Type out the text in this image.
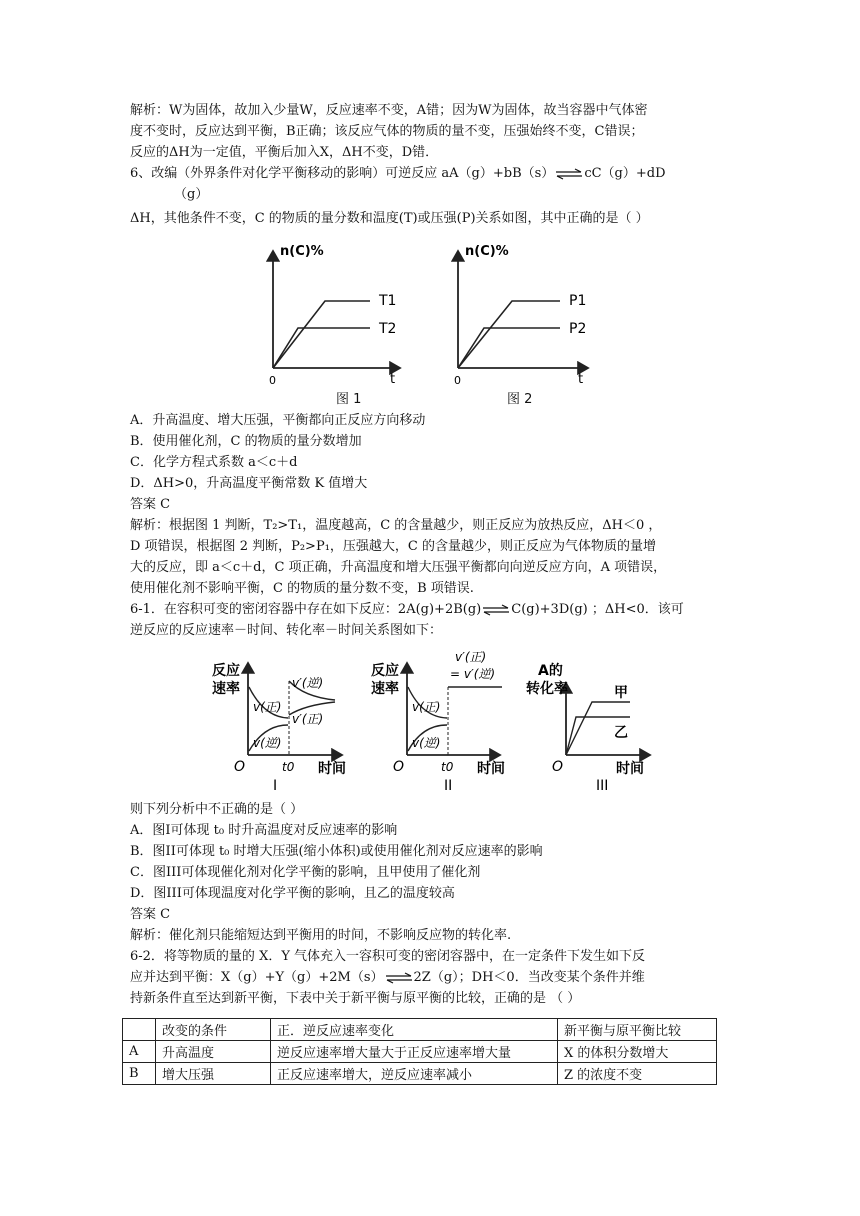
解析：W为固体，故加入少量W，反应速率不变，A错；因为W为固体，故当容器中气体密

度不变时，反应达到平衡，B正确；该反应气体的物质的量不变，压强始终不变，C错误；

反应的ΔH为一定值，平衡后加入X，ΔH不变，D错．

6、改编（外界条件对化学平衡移动的影响）可逆反应 aA（g）+bB（s）⇌cC（g）+dD

（g）

ΔH，其他条件不变，C 的物质的量分数和温度(T)或压强(P)关系如图，其中正确的是（ ）

n(C)%
0	t
T1
T2
n(C)%
0	t
P1
P2

图 1	图 2

A．升高温度、增大压强，平衡都向正反应方向移动

B．使用催化剂，C 的物质的量分数增加

C．化学方程式系数 a＜c＋d

D．ΔH>0，升高温度平衡常数 K 值增大

答案 C

解析：根据图 1 判断，T₂>T₁，温度越高，C 的含量越少，则正反应为放热反应，ΔH＜0 ，

D 项错误，根据图 2 判断，P₂>P₁，压强越大，C 的含量越少，则正反应为气体物质的量增

大的反应，即 a＜c＋d，C 项正确，升高温度和增大压强平衡都向向逆反应方向，A 项错误，

使用催化剂不影响平衡，C 的物质的量分数不变，B 项错误.

6-1．在容积可变的密闭容器中存在如下反应：2A(g)+2B(g)⇌C(g)+3D(g) ；ΔH<0．该可

逆反应的反应速率－时间、转化率－时间关系图如下：

反应
速率
v(正)
v(逆)
v′(逆)
v′(正)
O	t0 时间
I
反应
速率
v(正)
v(逆)
v′(正)
= v′(逆)
O	t0 时间
II
A的
转化率	甲
乙
O	时间
III

则下列分析中不正确的是（ ）

A．图I可体现 t₀ 时升高温度对反应速率的影响

B．图II可体现 t₀ 时增大压强(缩小体积)或使用催化剂对反应速率的影响

C．图III可体现催化剂对化学平衡的影响，且甲使用了催化剂

D．图III可体现温度对化学平衡的影响，且乙的温度较高

答案 C

解析：催化剂只能缩短达到平衡用的时间，不影响反应物的转化率.

6-2．将等物质的量的 X．Y 气体充入一容积可变的密闭容器中，在一定条件下发生如下反

应并达到平衡：X（g）+Y（g）+2M（s）⇌2Z（g）；DH＜0．当改变某个条件并维

持新条件直至达到新平衡，下表中关于新平衡与原平衡的比较，正确的是 （ ）

	改变的条件	正．逆反应速率变化	新平衡与原平衡比较
A	升高温度	逆反应速率增大量大于正反应速率增大量	X 的体积分数增大
B	增大压强	正反应速率增大，逆反应速率减小	Z 的浓度不变
